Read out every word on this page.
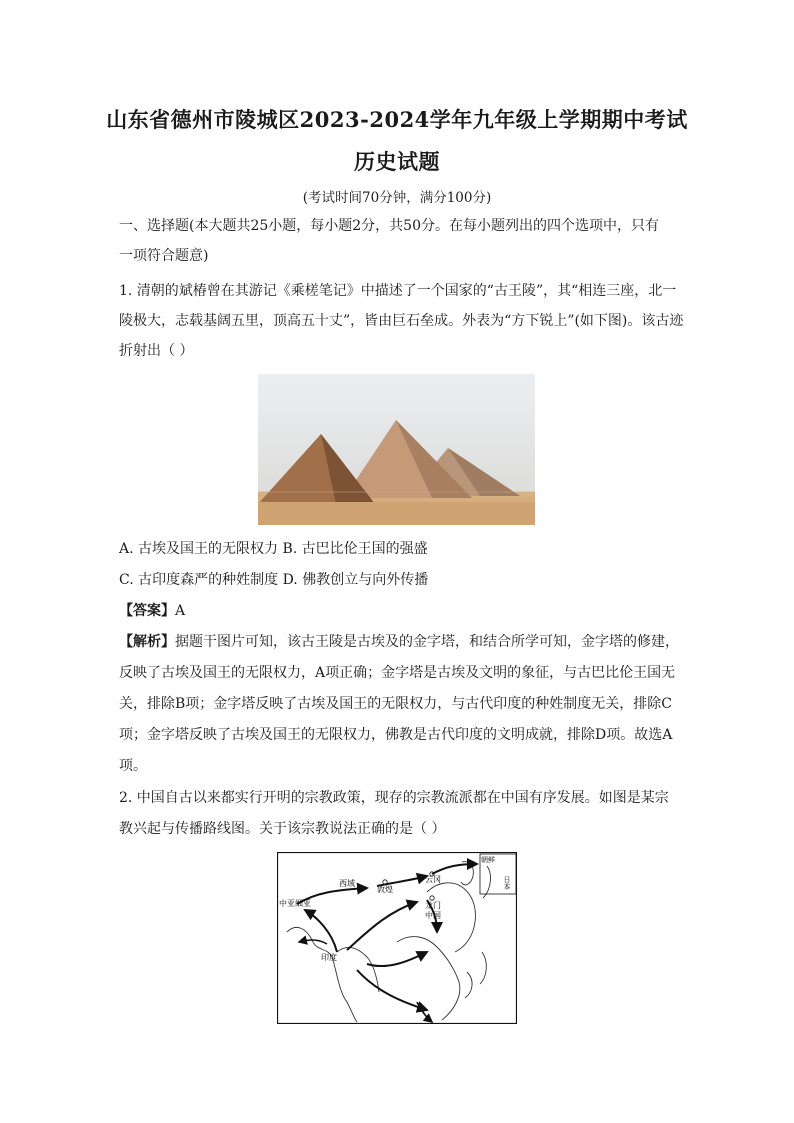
山东省德州市陵城区2023-2024学年九年级上学期期中考试
历史试题
(考试时间70分钟，满分100分)
一、选择题(本大题共25小题，每小题2分，共50分。在每小题列出的四个选项中，只有
一项符合题意)
1. 清朝的斌椿曾在其游记《乘槎笔记》中描述了一个国家的“古王陵”，其“相连三座，北一
陵极大，志载基阔五里，顶高五十丈”，皆由巨石垒成。外表为“方下锐上”(如下图)。该古迹
折射出（ ）
A. 古埃及国王的无限权力 B. 古巴比伦王国的强盛
C. 古印度森严的种姓制度 D. 佛教创立与向外传播
【答案】A
【解析】据题干图片可知，该古王陵是古埃及的金字塔，和结合所学可知，金字塔的修建，
反映了古埃及国王的无限权力，A项正确；金字塔是古埃及文明的象征，与古巴比伦王国无
关，排除B项；金字塔反映了古埃及国王的无限权力，与古代印度的种姓制度无关，排除C
项；金字塔反映了古埃及国王的无限权力，佛教是古代印度的文明成就，排除D项。故选A
项。
2. 中国自古以来都实行开明的宗教政策，现存的宗教流派都在中国有序发展。如图是某宗
教兴起与传播路线图。关于该宗教说法正确的是（ ）
中亚细亚
西域
敦煌
云冈
龙门
中国
印度
朝鲜
日本
